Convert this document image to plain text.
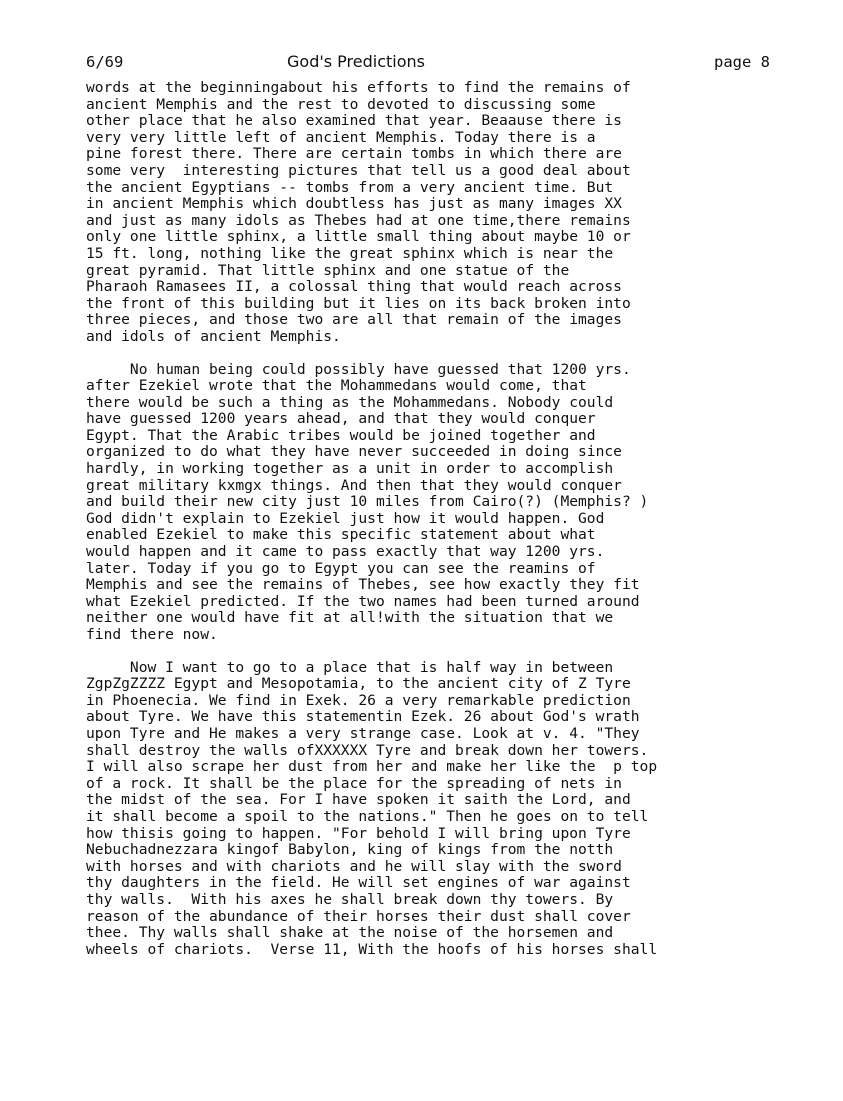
6/69	God's Predictions	page 8

words at the beginningabout his efforts to find the remains of
ancient Memphis and the rest to devoted to discussing some
other place that he also examined that year. Beaause there is
very very little left of ancient Memphis. Today there is a
pine forest there. There are certain tombs in which there are
some very  interesting pictures that tell us a good deal about
the ancient Egyptians -- tombs from a very ancient time. But
in ancient Memphis which doubtless has just as many images XX
and just as many idols as Thebes had at one time,there remains
only one little sphinx, a little small thing about maybe 10 or
15 ft. long, nothing like the great sphinx which is near the
great pyramid. That little sphinx and one statue of the
Pharaoh Ramasees II, a colossal thing that would reach across
the front of this building but it lies on its back broken into
three pieces, and those two are all that remain of the images
and idols of ancient Memphis.

No human being could possibly have guessed that 1200 yrs.
after Ezekiel wrote that the Mohammedans would come, that
there would be such a thing as the Mohammedans. Nobody could
have guessed 1200 years ahead, and that they would conquer
Egypt. That the Arabic tribes would be joined together and
organized to do what they have never succeeded in doing since
hardly, in working together as a unit in order to accomplish
great military kxmgx things. And then that they would conquer
and build their new city just 10 miles from Cairo(?) (Memphis? )
God didn't explain to Ezekiel just how it would happen. God
enabled Ezekiel to make this specific statement about what
would happen and it came to pass exactly that way 1200 yrs.
later. Today if you go to Egypt you can see the reamins of
Memphis and see the remains of Thebes, see how exactly they fit
what Ezekiel predicted. If the two names had been turned around
neither one would have fit at all!with the situation that we
find there now.

Now I want to go to a place that is half way in between
ZgpZgZZZZ Egypt and Mesopotamia, to the ancient city of Z Tyre
in Phoenecia. We find in Exek. 26 a very remarkable prediction
about Tyre. We have this statementin Ezek. 26 about God's wrath
upon Tyre and He makes a very strange case. Look at v. 4. "They
shall destroy the walls ofXXXXXX Tyre and break down her towers.
I will also scrape her dust from her and make her like the  p top
of a rock. It shall be the place for the spreading of nets in
the midst of the sea. For I have spoken it saith the Lord, and
it shall become a spoil to the nations." Then he goes on to tell
how thisis going to happen. "For behold I will bring upon Tyre
Nebuchadnezzara kingof Babylon, king of kings from the notth
with horses and with chariots and he will slay with the sword
thy daughters in the field. He will set engines of war against
thy walls.  With his axes he shall break down thy towers. By
reason of the abundance of their horses their dust shall cover
thee. Thy walls shall shake at the noise of the horsemen and
wheels of chariots.  Verse 11, With the hoofs of his horses shall
